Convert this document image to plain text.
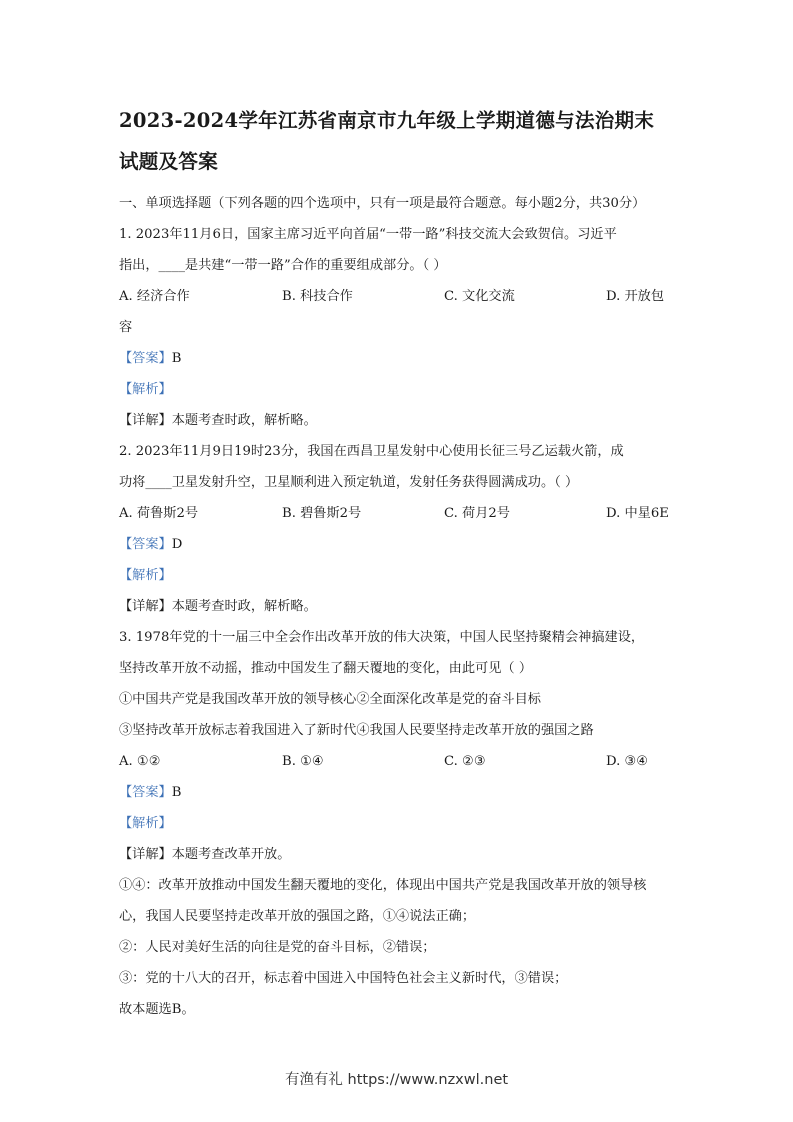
2023-2024学年江苏省南京市九年级上学期道德与法治期末
试题及答案
一、单项选择题（下列各题的四个选项中，只有一项是最符合题意。每小题2分，共30分）
1. 2023年11月6日，国家主席习近平向首届“一带一路”科技交流大会致贺信。习近平
指出，____是共建“一带一路”合作的重要组成部分。（ ）
A. 经济合作	B. 科技合作	C. 文化交流	D. 开放包
容
【答案】B
【解析】
【详解】本题考查时政，解析略。
2. 2023年11月9日19时23分，我国在西昌卫星发射中心使用长征三号乙运载火箭，成
功将____卫星发射升空，卫星顺利进入预定轨道，发射任务获得圆满成功。（ ）
A. 荷鲁斯2号	B. 碧鲁斯2号	C. 荷月2号	D. 中星6E
【答案】D
【解析】
【详解】本题考查时政，解析略。
3. 1978年党的十一届三中全会作出改革开放的伟大决策，中国人民坚持聚精会神搞建设，
坚持改革开放不动摇，推动中国发生了翻天覆地的变化，由此可见（ ）
①中国共产党是我国改革开放的领导核心②全面深化改革是党的奋斗目标
③坚持改革开放标志着我国进入了新时代④我国人民要坚持走改革开放的强国之路
A. ①②	B. ①④	C. ②③	D. ③④
【答案】B
【解析】
【详解】本题考查改革开放。
①④：改革开放推动中国发生翻天覆地的变化，体现出中国共产党是我国改革开放的领导核
心，我国人民要坚持走改革开放的强国之路，①④说法正确；
②：人民对美好生活的向往是党的奋斗目标，②错误；
③：党的十八大的召开，标志着中国进入中国特色社会主义新时代，③错误；
故本题选B。
有渔有礼 https://www.nzxwl.net
